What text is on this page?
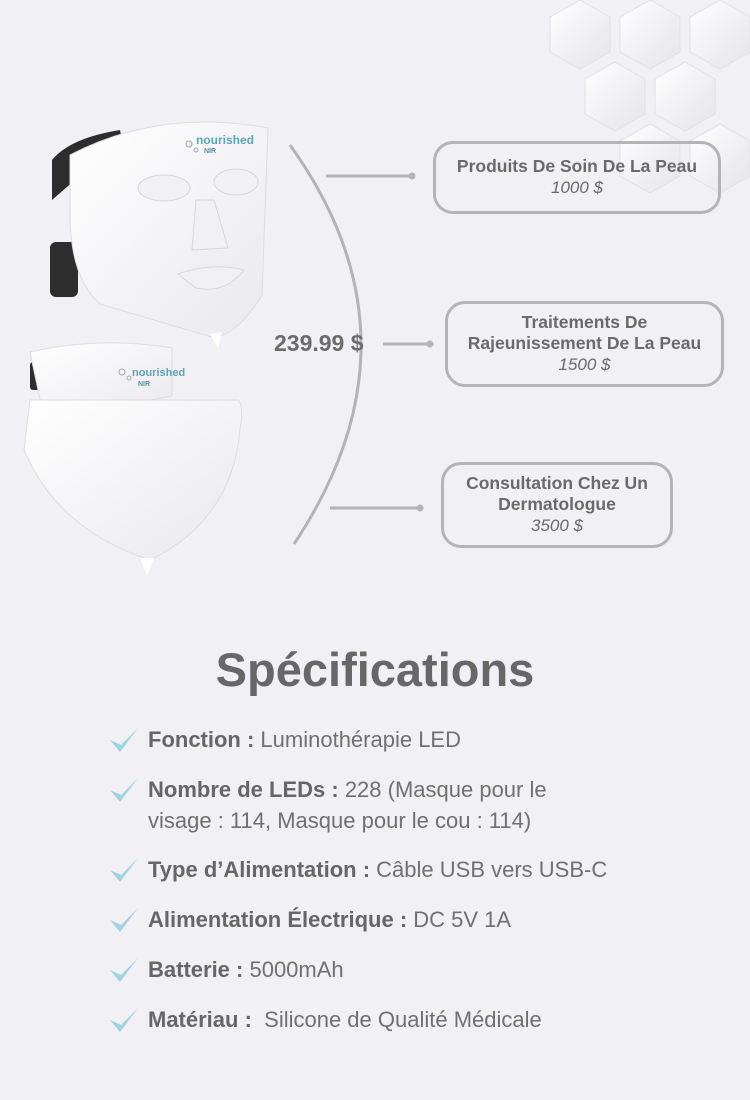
nourished
NIR
nourished
NIR
239.99 $
Produits De Soin De La Peau
1000 $
Traitements De
Rajeunissement De La Peau
1500 $
Consultation Chez Un
Dermatologue
3500 $
Spécifications
Fonction : Luminothérapie LED
Nombre de LEDs : 228 (Masque pour le
visage : 114, Masque pour le cou : 114)
Type d’Alimentation : Câble USB vers USB-C
Alimentation Électrique : DC 5V 1A
Batterie : 5000mAh
Matériau :  Silicone de Qualité Médicale
